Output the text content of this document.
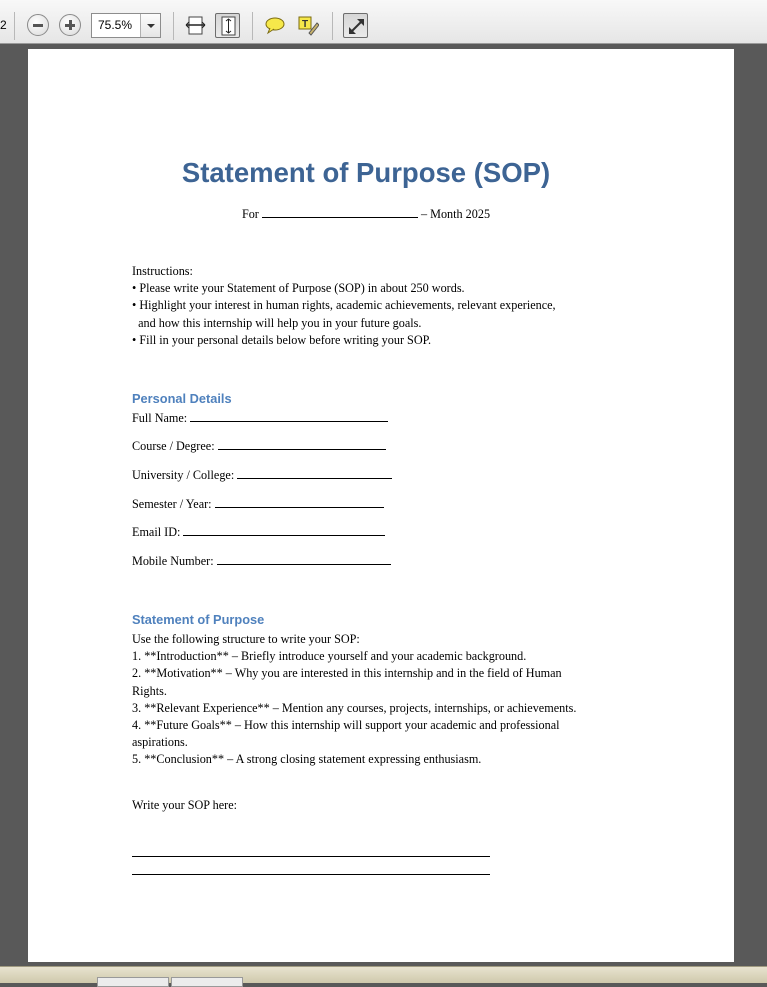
2	75.5%	T
Statement of Purpose (SOP)
For	– Month 2025
Instructions:
• Please write your Statement of Purpose (SOP) in about 250 words.
• Highlight your interest in human rights, academic achievements, relevant experience,
and how this internship will help you in your future goals.
• Fill in your personal details below before writing your SOP.
Personal Details
Full Name:
Course / Degree:
University / College:
Semester / Year:
Email ID:
Mobile Number:
Statement of Purpose
Use the following structure to write your SOP:
1. **Introduction** – Briefly introduce yourself and your academic background.
2. **Motivation** – Why you are interested in this internship and in the field of Human
Rights.
3. **Relevant Experience** – Mention any courses, projects, internships, or achievements.
4. **Future Goals** – How this internship will support your academic and professional
aspirations.
5. **Conclusion** – A strong closing statement expressing enthusiasm.
Write your SOP here:
